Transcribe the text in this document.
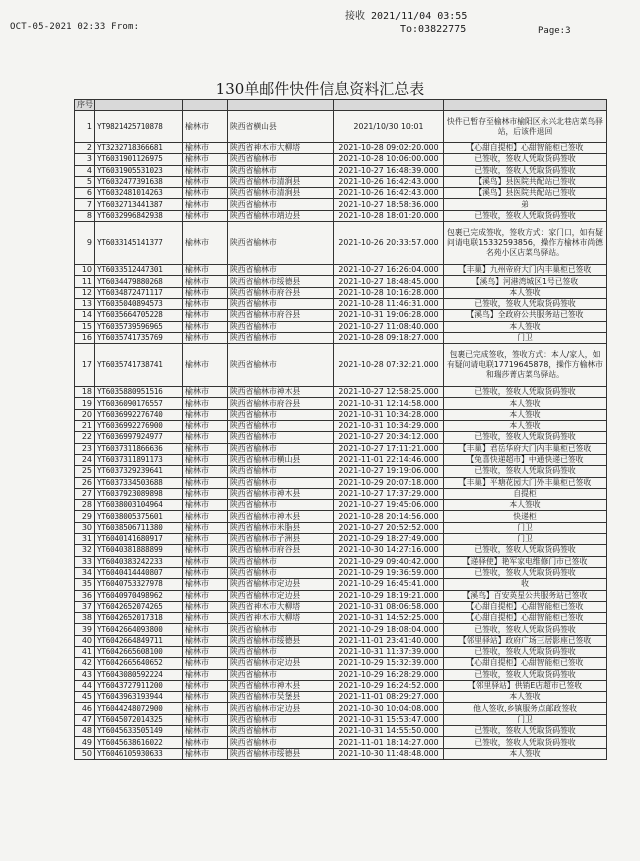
OCT-05-2021 02:33 From:
接收 2021/11/04 03:55
To:03822775	Page:3
130单邮件快件信息资料汇总表
序号					
1	YT9821425710878	榆林市	陕西省横山县	2021/10/30 10:01	快件已暂存至榆林市榆阳区永兴北巷店菜鸟驿站，后该件退回
2	YT3232718366681	榆林市	陕西省神木市大柳塔	2021-10-28 09:02:20.000	【心甜自提柜】心甜智能柜已签收
3	YT6031901126975	榆林市	陕西省榆林市	2021-10-28 10:06:00.000	已签收，签收人凭取货码签收
4	YT6031905531023	榆林市	陕西省榆林市	2021-10-27 16:48:39.000	已签收，签收人凭取货码签收
5	YT6032477391638	榆林市	陕西省榆林市清涧县	2021-10-26 16:42:43.000	【溪鸟】县医院共配站已签收
6	YT6032481014263	榆林市	陕西省榆林市清涧县	2021-10-26 16:42:43.000	【溪鸟】县医院共配站已签收
7	YT6032713441387	榆林市	陕西省榆林市	2021-10-27 18:58:36.000	弟
8	YT6032996842938	榆林市	陕西省榆林市靖边县	2021-10-28 18:01:20.000	已签收，签收人凭取货码签收
9	YT6033145141377	榆林市	陕西省榆林市	2021-10-26 20:33:57.000	包裹已完成签收，签收方式：家门口，如有疑问请电联15332593856，操作方榆林市尚德名苑小区店菜鸟驿站。
10	YT6033512447301	榆林市	陕西省榆林市	2021-10-27 16:26:04.000	【丰巢】九州帝府大门内丰巢柜已签收
11	YT6034479880268	榆林市	陕西省榆林市绥德县	2021-10-27 18:48:45.000	【溪鸟】河港湾城区1号已签收
12	YT6034872471117	榆林市	陕西省榆林市府谷县	2021-10-28 10:16:28.000	本人签收
13	YT6035040894573	榆林市	陕西省榆林市	2021-10-28 11:46:31.000	已签收，签收人凭取货码签收
14	YT6035664705228	榆林市	陕西省榆林市府谷县	2021-10-31 19:06:28.000	【溪鸟】全政府公共服务站已签收
15	YT6035739596965	榆林市	陕西省榆林市	2021-10-27 11:08:40.000	本人签收
16	YT6035741735769	榆林市	陕西省榆林市	2021-10-28 09:18:27.000	门卫
17	YT6035741738741	榆林市	陕西省榆林市	2021-10-28 07:32:21.000	包裹已完成签收，签收方式：本人/家人，如有疑问请电联17719645878，操作方榆林市和瑞莎菁店菜鸟驿站。
18	YT6035880951516	榆林市	陕西省榆林市神木县	2021-10-27 12:58:25.000	已签收，签收人凭取货码签收
19	YT6036090176557	榆林市	陕西省榆林市府谷县	2021-10-31 12:14:58.000	本人签收
20	YT6036992276740	榆林市	陕西省榆林市	2021-10-31 10:34:28.000	本人签收
21	YT6036992276900	榆林市	陕西省榆林市	2021-10-31 10:34:29.000	本人签收
22	YT6036997924977	榆林市	陕西省榆林市	2021-10-27 20:34:12.000	已签收，签收人凭取货码签收
23	YT6037311866636	榆林市	陕西省榆林市	2021-10-27 17:11:21.000	【丰巢】君岳华府大门内丰巢柜已签收
24	YT6037311891173	榆林市	陕西省榆林市横山县	2021-11-01 22:14:46.000	【兔喜快递超市】中通快递已签收
25	YT6037329239641	榆林市	陕西省榆林市	2021-10-27 19:19:06.000	已签收，签收人凭取货码签收
26	YT6037334503688	榆林市	陕西省榆林市	2021-10-29 20:07:18.000	【丰巢】平塘花园大门外丰巢柜已签收
27	YT6037923089898	榆林市	陕西省榆林市神木县	2021-10-27 17:37:29.000	自提柜
28	YT6038003104964	榆林市	陕西省榆林市	2021-10-27 19:45:06.000	本人签收
29	YT6038005375601	榆林市	陕西省榆林市神木县	2021-10-28 20:14:56.000	快递柜
30	YT6038506711380	榆林市	陕西省榆林市米脂县	2021-10-27 20:52:52.000	门卫
31	YT6040141680917	榆林市	陕西省榆林市子洲县	2021-10-29 18:27:49.000	门卫
32	YT6040381888899	榆林市	陕西省榆林市府谷县	2021-10-30 14:27:16.000	已签收，签收人凭取货码签收
33	YT6040383242233	榆林市	陕西省榆林市	2021-10-29 09:40:42.000	【递驿使】艳军家电维修门市已签收
34	YT6040414440807	榆林市	陕西省榆林市	2021-10-29 19:36:59.000	已签收，签收人凭取货码签收
35	YT6040753327978	榆林市	陕西省榆林市定边县	2021-10-29 16:45:41.000	收
36	YT6040970498962	榆林市	陕西省榆林市定边县	2021-10-29 18:19:21.000	【溪鸟】百安英星公共服务站已签收
37	YT6042652074265	榆林市	陕西省神木市大柳塔	2021-10-31 08:06:58.000	【心甜自提柜】心甜智能柜已签收
38	YT6042652017318	榆林市	陕西省神木市大柳塔	2021-10-31 14:52:25.000	【心甜自提柜】心甜智能柜已签收
39	YT6042664093800	榆林市	陕西省榆林市	2021-10-29 18:08:04.000	已签收，签收人凭取货码签收
40	YT6042664849711	榆林市	陕西省榆林市绥德县	2021-11-01 23:41:40.000	【邻里驿站】政府广场三居影座已签收
41	YT6042665608100	榆林市	陕西省榆林市	2021-10-31 11:37:39.000	已签收，签收人凭取货码签收
42	YT6042665640652	榆林市	陕西省榆林市定边县	2021-10-29 15:32:39.000	【心甜自提柜】心甜智能柜已签收
43	YT6043080592224	榆林市	陕西省榆林市	2021-10-29 16:28:29.000	已签收，签收人凭取货码签收
44	YT6043727911200	榆林市	陕西省榆林市神木县	2021-10-29 16:24:52.000	【邻里驿站】供销E店超市已签收
45	YT6043963193944	榆林市	陕西省榆林市吴堡县	2021-11-01 08:29:27.000	本人签收
46	YT6044248072900	榆林市	陕西省榆林市定边县	2021-10-30 10:04:08.000	他人签收,乡镇服务点邮政签收
47	YT6045072014325	榆林市	陕西省榆林市	2021-10-31 15:53:47.000	门卫
48	YT6045633505149	榆林市	陕西省榆林市	2021-10-31 14:55:50.000	已签收，签收人凭取货码签收
49	YT6045638616022	榆林市	陕西省榆林市	2021-11-01 18:14:27.000	已签收，签收人凭取货码签收
50	YT6046105930633	榆林市	陕西省榆林市绥德县	2021-10-30 11:48:48.000	本人签收
